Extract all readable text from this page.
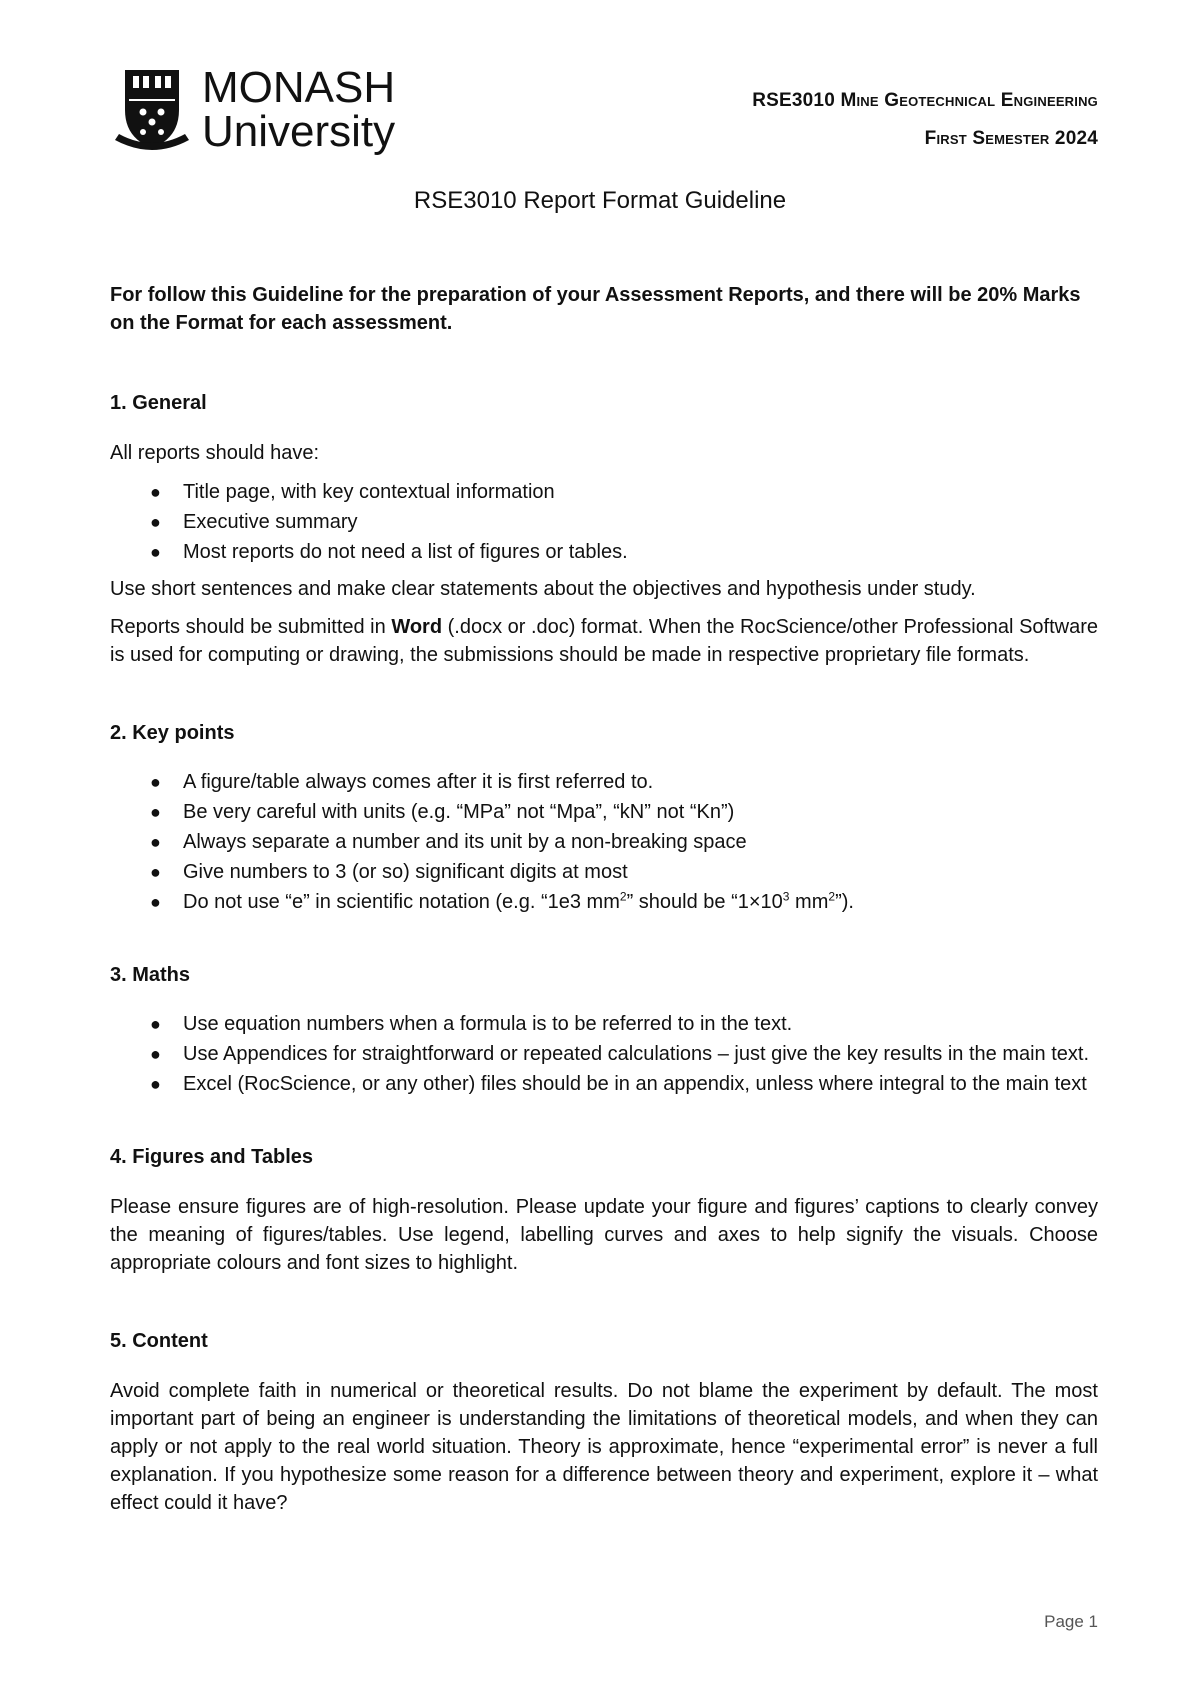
MONASH
University
RSE3010 Mine Geotechnical Engineering
First Semester 2024
RSE3010 Report Format Guideline

For follow this Guideline for the preparation of your Assessment Reports, and there will be 20% Marks on the Format for each assessment.

1. General

All reports should have:

● Title page, with key contextual information
● Executive summary
● Most reports do not need a list of figures or tables.

Use short sentences and make clear statements about the objectives and hypothesis under study.

Reports should be submitted in Word (.docx or .doc) format. When the RocScience/other Professional Software is used for computing or drawing, the submissions should be made in respective proprietary file formats.

2. Key points
● A figure/table always comes after it is first referred to.
● Be very careful with units (e.g. “MPa” not “Mpa”, “kN” not “Kn”)
● Always separate a number and its unit by a non-breaking space
● Give numbers to 3 (or so) significant digits at most
● Do not use “e” in scientific notation (e.g. “1e3 $mm^2$” should be “$1\times 10^3$ $mm^2$”).
3. Maths
● Use equation numbers when a formula is to be referred to in the text.
● Use Appendices for straightforward or repeated calculations – just give the key results in the main text.
● Excel (RocScience, or any other) files should be in an appendix, unless where integral to the main text
4. Figures and Tables

Please ensure figures are of high-resolution. Please update your figure and figures’ captions to clearly convey the meaning of figures/tables. Use legend, labelling curves and axes to help signify the visuals. Choose appropriate colours and font sizes to highlight.

5. Content

Avoid complete faith in numerical or theoretical results. Do not blame the experiment by default. The most important part of being an engineer is understanding the limitations of theoretical models, and when they can apply or not apply to the real world situation. Theory is approximate, hence “experimental error” is never a full explanation. If you hypothesize some reason for a difference between theory and experiment, explore it – what effect could it have?

Page 1
